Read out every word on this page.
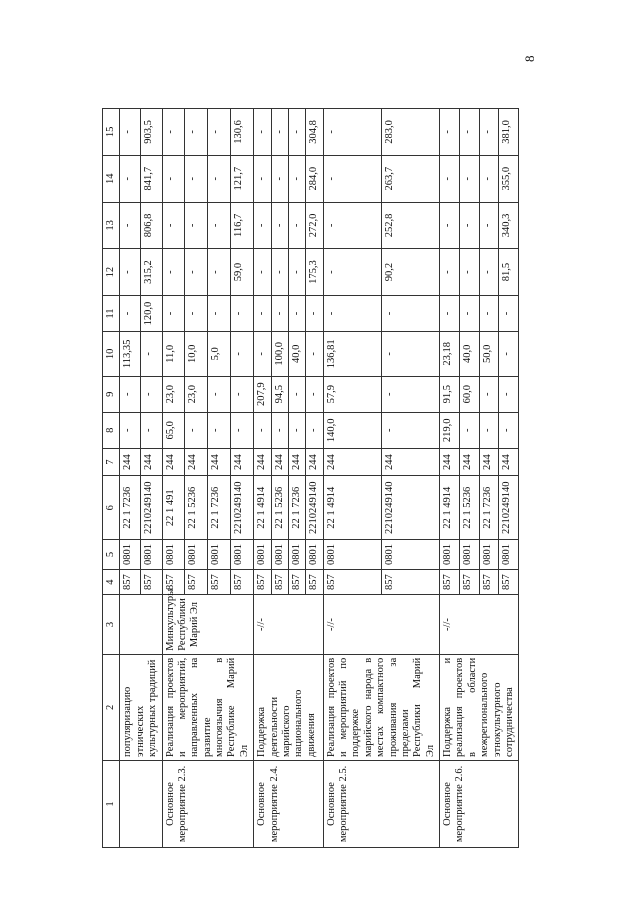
8
1	2	3	4	5	6	7	8	9	10	11	12	13	14	15
	популяризацию этнических культурных традиций		857	0801	22 1 7236	244	-	-	113,35	-	-	-	-	-
			857	0801	2210249140	244	-	-	-	120,0	315,2	806,8	841,7	903,5
Основное мероприятие 2.3.	Реализация проектов и мероприятий, направленных на развитие многоязычия в Республике Марий Эл	Минкультуры Республики Марий Эл	857	0801	22 1 491	244	65,0	23,0	11,0	-	-	-	-	-
			857	0801	22 1 5236	244	-	23,0	10,0	-	-	-	-	-
			857	0801	22 1 7236	244	-	-	5,0	-	-	-	-	-
			857	0801	2210249140	244	-	-	-	-	59,0	116,7	121,7	130,6
Основное мероприятие 2.4.	Поддержка деятельности марийского национального движения	-//-	857	0801	22 1 4914	244	-	207,9	-	-	-	-	-	-
			857	0801	22 1 5236	244	-	94,5	100,0	-	-	-	-	-
			857	0801	22 1 7236	244	-	-	40,0	-	-	-	-	-
			857	0801	2210249140	244	-	-	-	-	175,3	272,0	284,0	304,8
Основное мероприятие 2.5.	Реализация проектов и мероприятий по поддержке марийского народа в местах компактного проживания за пределами Республики Марий Эл	-//-	857	0801	22 1 4914	244	140,0	57,9	136,81	-	-	-	-	-
			857	0801	2210249140	244	-	-	-	-	90,2	252,8	263,7	283,0
Основное мероприятие 2.6.	Поддержка и реализация проектов в области межрегионального этнокультурного сотрудничества	-//-	857	0801	22 1 4914	244	219,0	91,5	23,18	-	-	-	-	-
			857	0801	22 1 5236	244	-	60,0	40,0	-	-	-	-	-
			857	0801	22 1 7236	244	-	-	50,0	-	-	-	-	-
			857	0801	2210249140	244	-	-	-	-	81,5	340,3	355,0	381,0
